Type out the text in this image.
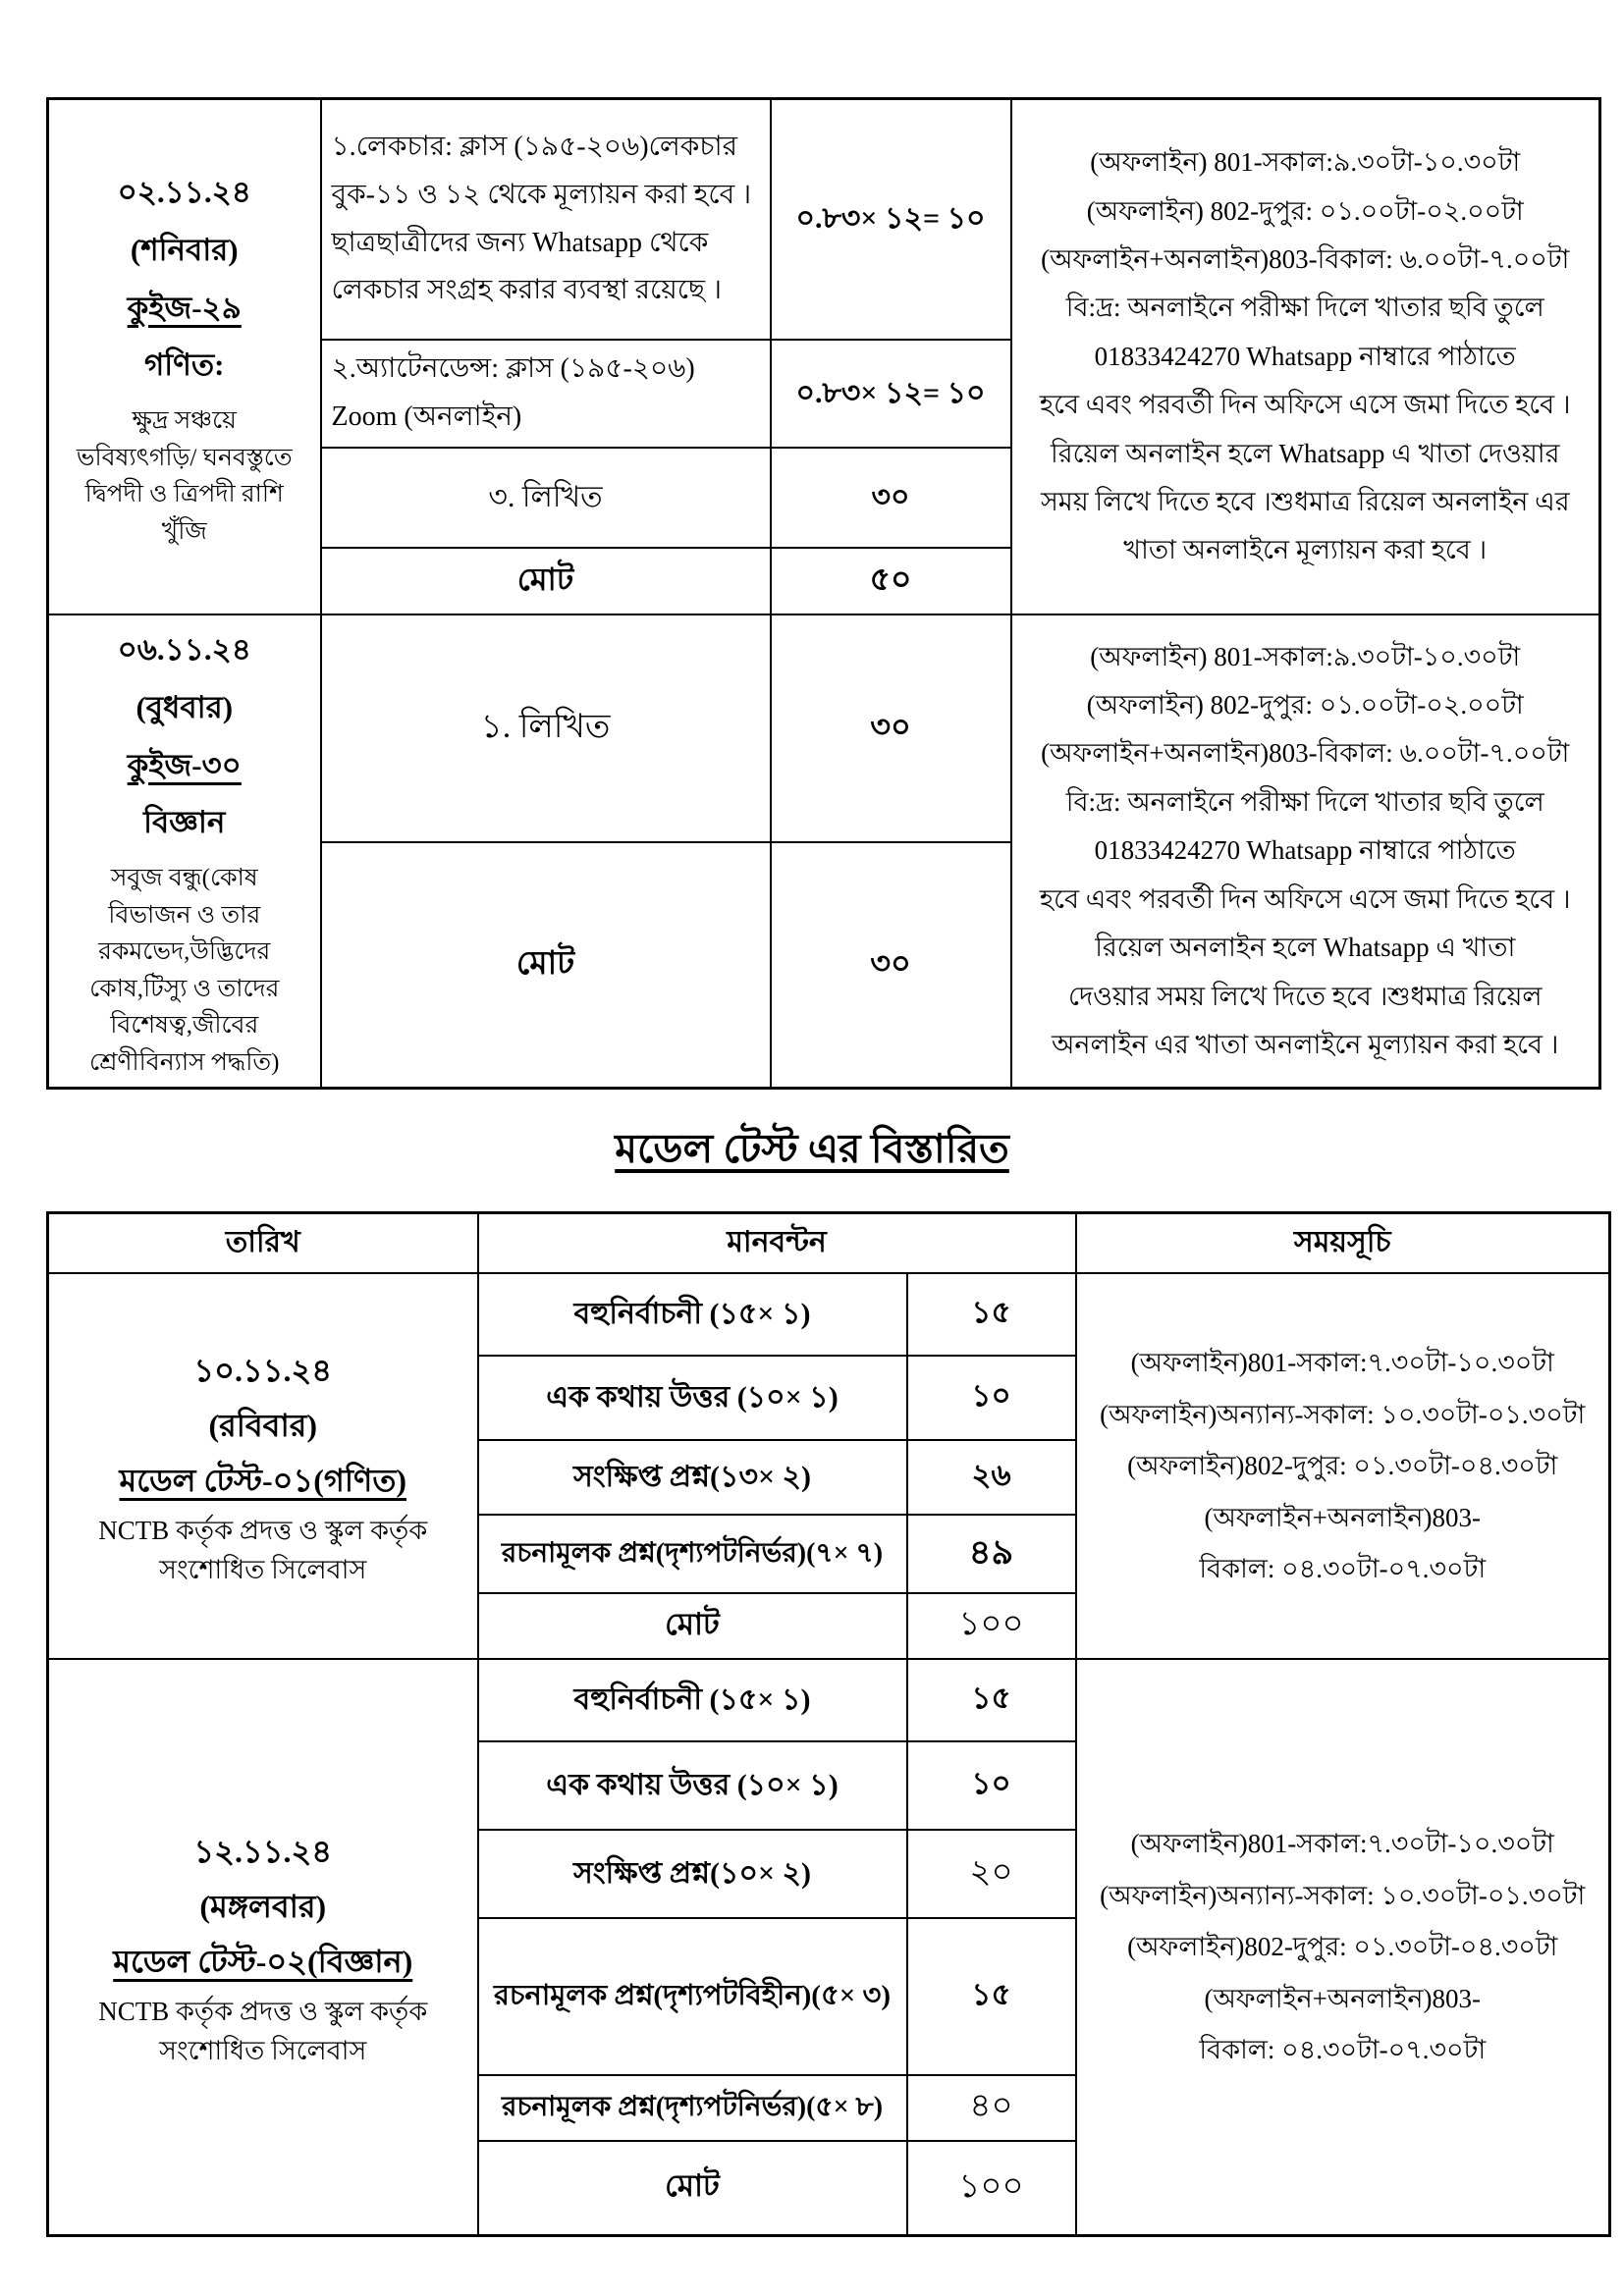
০২.১১.২৪
(শনিবার)
কুইজ-২৯
গণিত:
ক্ষুদ্র সঞ্চয়ে ভবিষ্যৎগড়ি/ ঘনবস্তুতে দ্বিপদী ও ত্রিপদী রাশি খুঁজি
	১.লেকচার: ক্লাস (১৯৫-২০৬)লেকচার বুক-১১ ও ১২ থেকে মূল্যায়ন করা হবে । ছাত্রছাত্রীদের জন্য Whatsapp থেকে লেকচার সংগ্রহ করার ব্যবস্থা রয়েছে ।	০.৮৩× ১২= ১০	
(অফলাইন) 801-সকাল:৯.৩০টা-১০.৩০টা
(অফলাইন) 802-দুপুর: ০১.০০টা-০২.০০টা
(অফলাইন+অনলাইন)803-বিকাল: ৬.০০টা-৭.০০টা
বি:দ্র: অনলাইনে পরীক্ষা দিলে খাতার ছবি তুলে
01833424270 Whatsapp নাম্বারে পাঠাতে
হবে এবং পরবর্তী দিন অফিসে এসে জমা দিতে হবে ।
রিয়েল অনলাইন হলে Whatsapp এ খাতা দেওয়ার
সময় লিখে দিতে হবে ।শুধমাত্র রিয়েল অনলাইন এর
খাতা অনলাইনে মূল্যায়ন করা হবে ।

	২.অ্যাটেনডেন্স: ক্লাস (১৯৫-২০৬) Zoom (অনলাইন)	০.৮৩× ১২= ১০	
	৩. লিখিত	৩০	
	মোট	৫০	

০৬.১১.২৪
(বুধবার)
কুইজ-৩০
বিজ্ঞান
সবুজ বন্ধু(কোষ বিভাজন ও তার রকমভেদ,উদ্ভিদের কোষ,টিস্যু ও তাদের বিশেষত্ব,জীবের শ্রেণীবিন্যাস পদ্ধতি)
	১. লিখিত	৩০	
(অফলাইন) 801-সকাল:৯.৩০টা-১০.৩০টা
(অফলাইন) 802-দুপুর: ০১.০০টা-০২.০০টা
(অফলাইন+অনলাইন)803-বিকাল: ৬.০০টা-৭.০০টা
বি:দ্র: অনলাইনে পরীক্ষা দিলে খাতার ছবি তুলে
01833424270 Whatsapp নাম্বারে পাঠাতে
হবে এবং পরবর্তী দিন অফিসে এসে জমা দিতে হবে ।
রিয়েল অনলাইন হলে Whatsapp এ খাতা
দেওয়ার সময় লিখে দিতে হবে ।শুধমাত্র রিয়েল
অনলাইন এর খাতা অনলাইনে মূল্যায়ন করা হবে ।

	মোট	৩০	
মডেল টেস্ট এর বিস্তারিত
তারিখ	মানবন্টন		সময়সূচি

১০.১১.২৪
(রবিবার)
মডেল টেস্ট-০১(গণিত)
NCTB কর্তৃক প্রদত্ত ও স্কুল কর্তৃক সংশোধিত সিলেবাস
	বহুনির্বাচনী (১৫× ১)	১৫	
(অফলাইন)801-সকাল:৭.৩০টা-১০.৩০টা
(অফলাইন)অন্যান্য-সকাল: ১০.৩০টা-০১.৩০টা
(অফলাইন)802-দুপুর: ০১.৩০টা-০৪.৩০টা
(অফলাইন+অনলাইন)803-
বিকাল: ০৪.৩০টা-০৭.৩০টা

	এক কথায় উত্তর (১০× ১)	১০	
	সংক্ষিপ্ত প্রশ্ন(১৩× ২)	২৬	
	রচনামূলক প্রশ্ন(দৃশ্যপটনির্ভর)(৭× ৭)	৪৯	
	মোট	১০০	

১২.১১.২৪
(মঙ্গলবার)
মডেল টেস্ট-০২(বিজ্ঞান)
NCTB কর্তৃক প্রদত্ত ও স্কুল কর্তৃক সংশোধিত সিলেবাস
	বহুনির্বাচনী (১৫× ১)	১৫	
(অফলাইন)801-সকাল:৭.৩০টা-১০.৩০টা
(অফলাইন)অন্যান্য-সকাল: ১০.৩০টা-০১.৩০টা
(অফলাইন)802-দুপুর: ০১.৩০টা-০৪.৩০টা
(অফলাইন+অনলাইন)803-
বিকাল: ০৪.৩০টা-০৭.৩০টা

	এক কথায় উত্তর (১০× ১)	১০	
	সংক্ষিপ্ত প্রশ্ন(১০× ২)	২০	
	রচনামূলক প্রশ্ন(দৃশ্যপটবিহীন)(৫× ৩)	১৫	
	রচনামূলক প্রশ্ন(দৃশ্যপটনির্ভর)(৫× ৮)	৪০	
	মোট	১০০	
